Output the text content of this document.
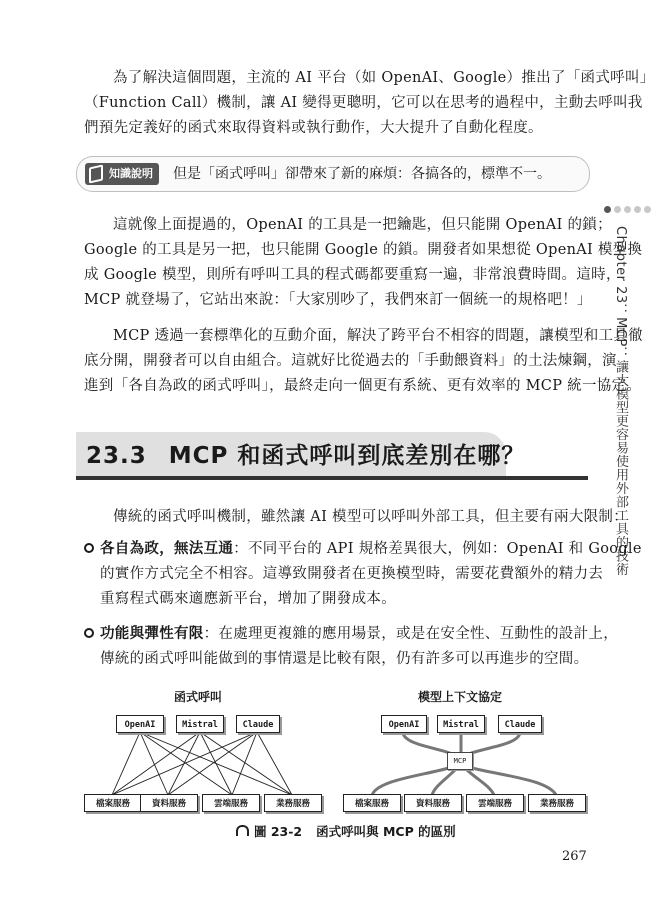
為了解決這個問題，主流的 AI 平台（如 OpenAI、Google）推出了「函式呼叫」
（Function Call）機制，讓 AI 變得更聰明，它可以在思考的過程中，主動去呼叫我
們預先定義好的函式來取得資料或執行動作，大大提升了自動化程度。
知識說明	但是「函式呼叫」卻帶來了新的麻煩：各搞各的，標準不一。
這就像上面提過的，OpenAI 的工具是一把鑰匙，但只能開 OpenAI 的鎖；
Google 的工具是另一把，也只能開 Google 的鎖。開發者如果想從 OpenAI 模型換
成 Google 模型，則所有呼叫工具的程式碼都要重寫一遍，非常浪費時間。這時，
MCP 就登場了，它站出來說：「大家別吵了，我們來訂一個統一的規格吧！」
MCP 透過一套標準化的互動介面，解決了跨平台不相容的問題，讓模型和工具徹
底分開，開發者可以自由組合。這就好比從過去的「手動餵資料」的土法煉鋼，演
進到「各自為政的函式呼叫」，最終走向一個更有系統、更有效率的 MCP 統一協定。
Chapter 23：MCP：讓大模型更容易使用外部工具的技術
23.3 MCP 和函式呼叫到底差別在哪？
傳統的函式呼叫機制，雖然讓 AI 模型可以呼叫外部工具，但主要有兩大限制：
各自為政，無法互通：不同平台的 API 規格差異很大，例如：OpenAI 和 Google
的實作方式完全不相容。這導致開發者在更換模型時，需要花費額外的精力去
重寫程式碼來適應新平台，增加了開發成本。
功能與彈性有限：在處理更複雜的應用場景，或是在安全性、互動性的設計上，
傳統的函式呼叫能做到的事情還是比較有限，仍有許多可以再進步的空間。
函式呼叫	模型上下文協定
OpenAI	Mistral	Claude
檔案服務	資料服務	雲端服務	業務服務
OpenAI	Mistral	Claude
MCP
檔案服務	資料服務	雲端服務	業務服務
圖 23-2 函式呼叫與 MCP 的區別
267
